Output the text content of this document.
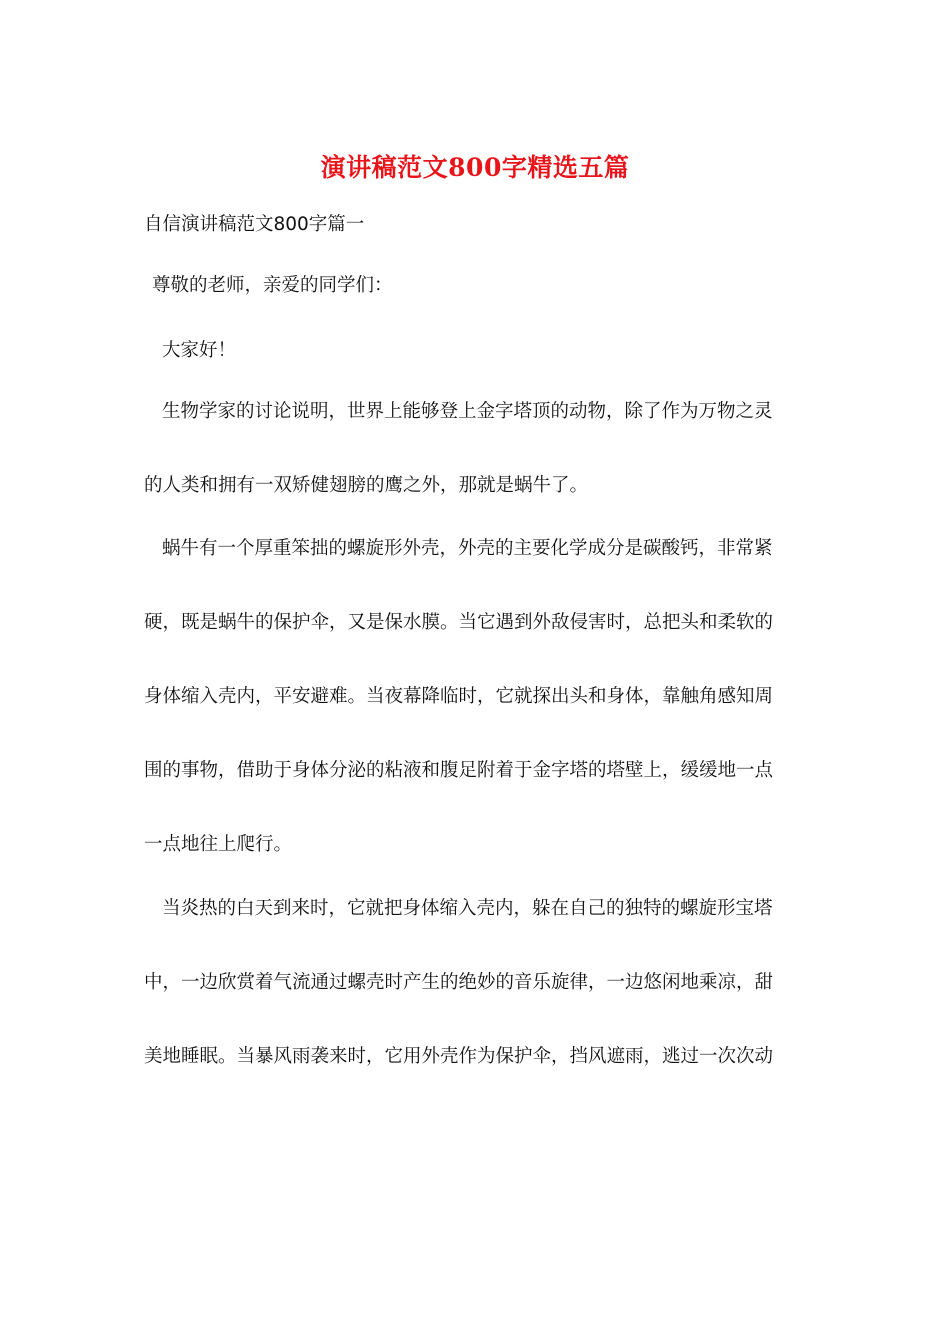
演讲稿范文800字精选五篇
自信演讲稿范文800字篇一
尊敬的老师，亲爱的同学们：
大家好！
生物学家的讨论说明，世界上能够登上金字塔顶的动物，除了作为万物之灵
的人类和拥有一双矫健翅膀的鹰之外，那就是蜗牛了。
蜗牛有一个厚重笨拙的螺旋形外壳，外壳的主要化学成分是碳酸钙，非常紧
硬，既是蜗牛的保护伞，又是保水膜。当它遇到外敌侵害时，总把头和柔软的
身体缩入壳内，平安避难。当夜幕降临时，它就探出头和身体，靠触角感知周
围的事物，借助于身体分泌的粘液和腹足附着于金字塔的塔壁上，缓缓地一点
一点地往上爬行。
当炎热的白天到来时，它就把身体缩入壳内，躲在自己的独特的螺旋形宝塔
中，一边欣赏着气流通过螺壳时产生的绝妙的音乐旋律，一边悠闲地乘凉，甜
美地睡眠。当暴风雨袭来时，它用外壳作为保护伞，挡风遮雨，逃过一次次动
